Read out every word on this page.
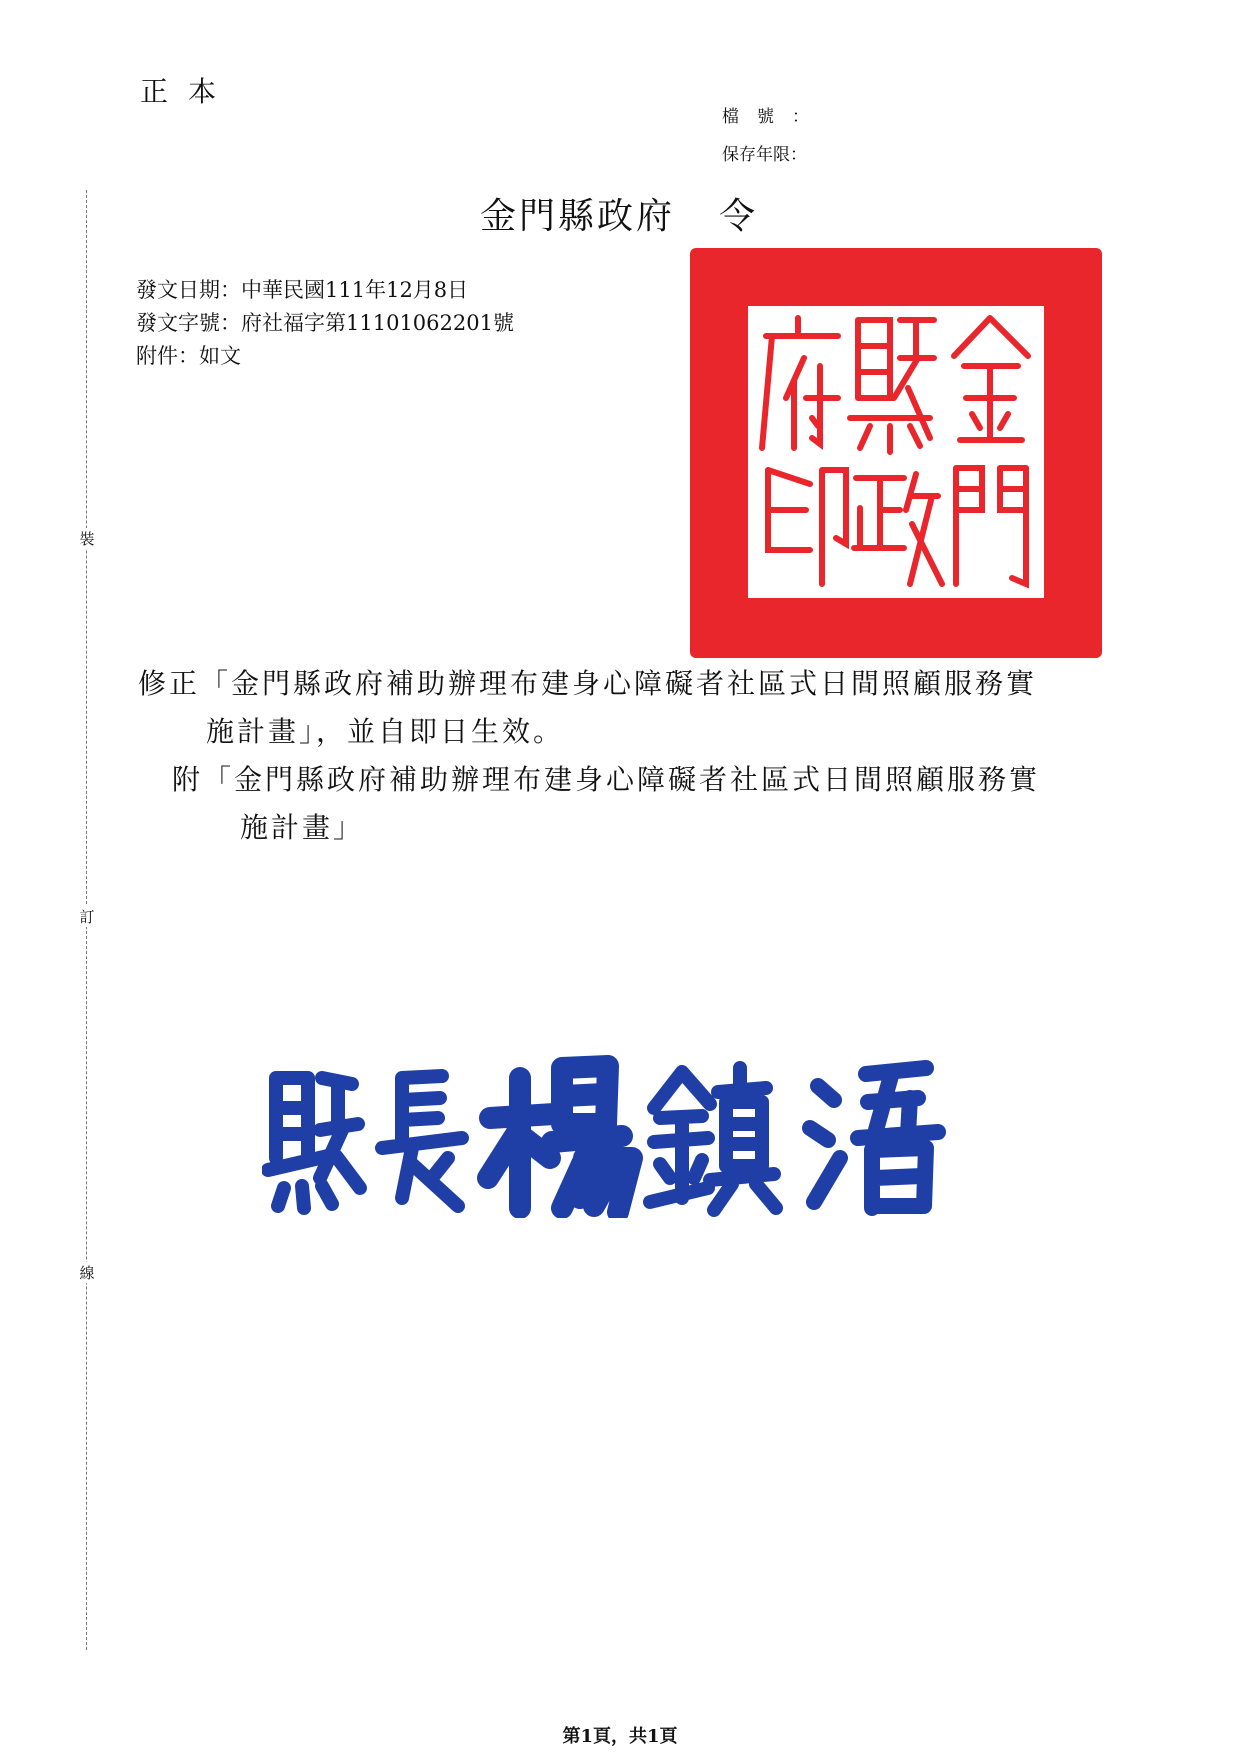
正本
檔號：
保存年限：
金門縣政府 令
發文日期：中華民國111年12月8日
發文字號：府社福字第11101062201號
附件：如文
裝
訂
線

修正「金門縣政府補助辦理布建身心障礙者社區式日間照顧服務實

施計畫」，並自即日生效。

附「金門縣政府補助辦理布建身心障礙者社區式日間照顧服務實

施計畫」

第1頁，共1頁
